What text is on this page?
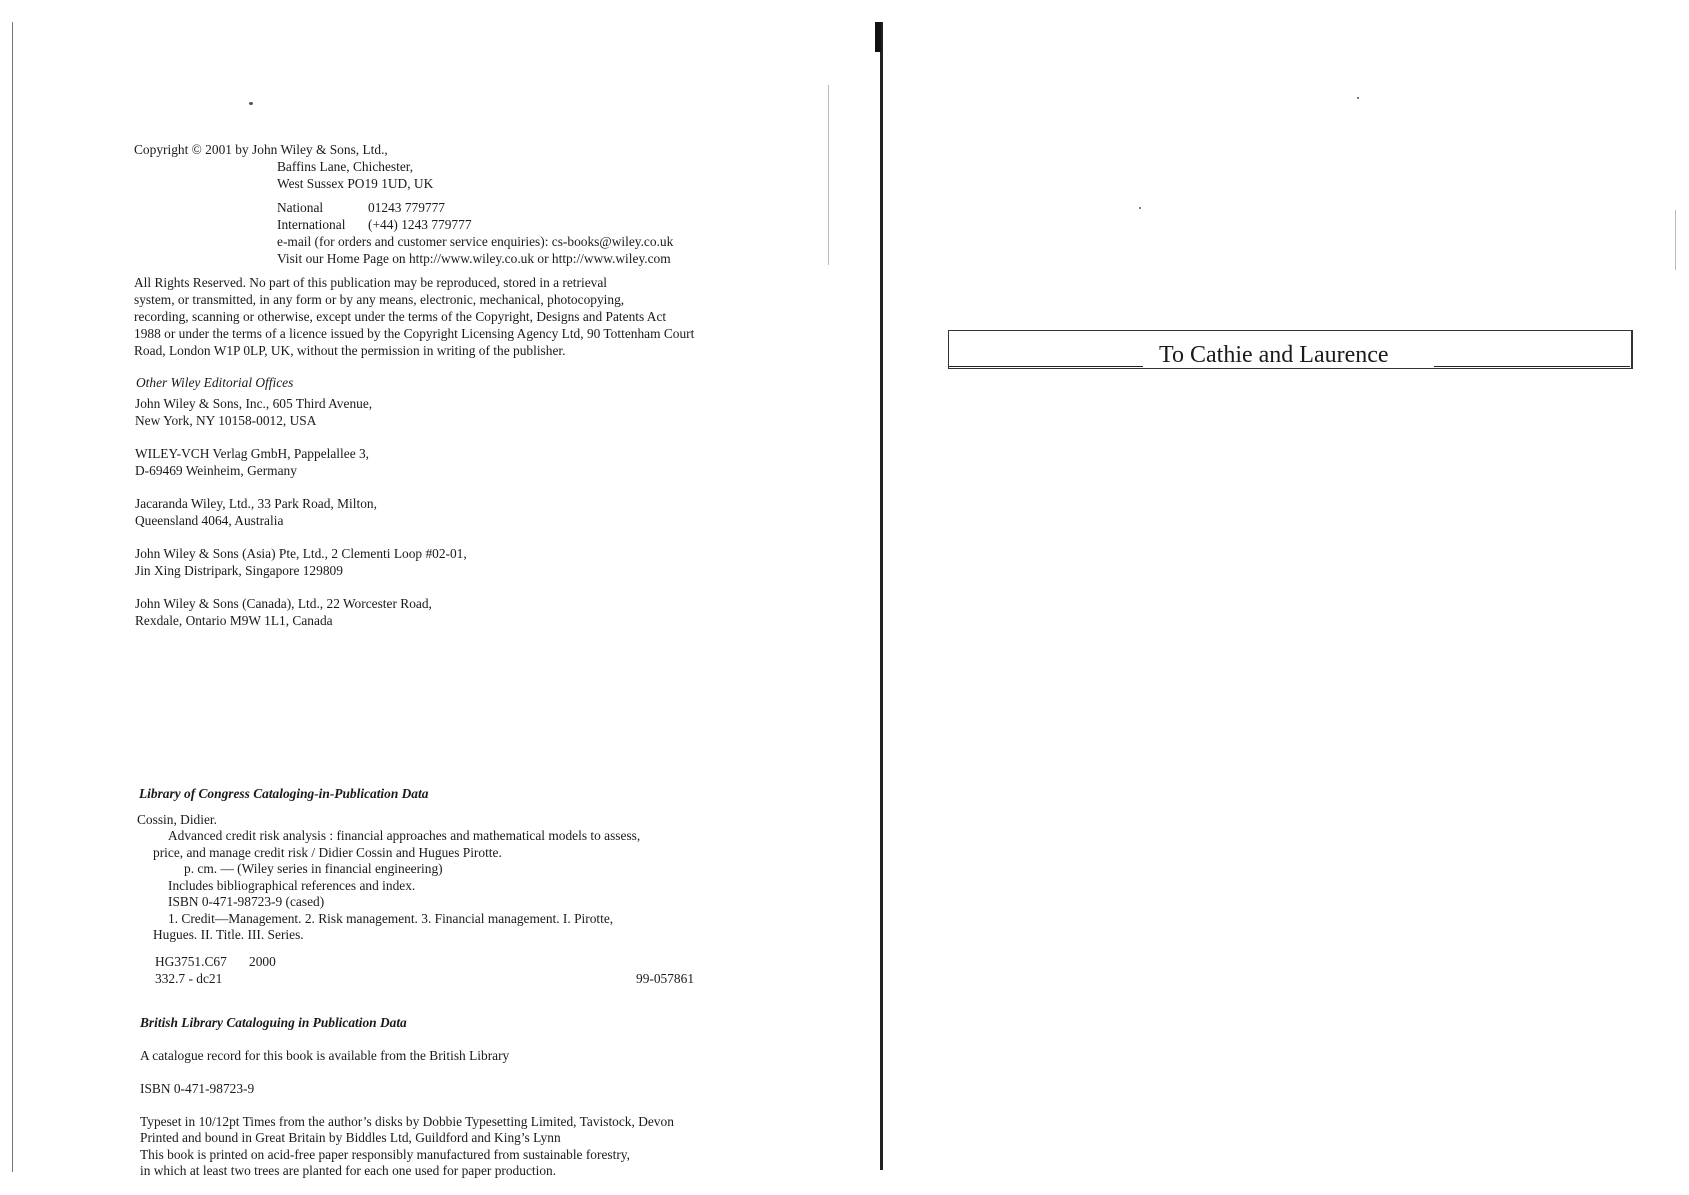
Copyright © 2001 by John Wiley & Sons, Ltd.,
Baffins Lane, Chichester,
West Sussex PO19 1UD, UK
National	01243 779777
International (+44) 1243 779777
e-mail (for orders and customer service enquiries): cs-books@wiley.co.uk
Visit our Home Page on http://www.wiley.co.uk or http://www.wiley.com
All Rights Reserved. No part of this publication may be reproduced, stored in a retrieval
system, or transmitted, in any form or by any means, electronic, mechanical, photocopying,
recording, scanning or otherwise, except under the terms of the Copyright, Designs and Patents Act
1988 or under the terms of a licence issued by the Copyright Licensing Agency Ltd, 90 Tottenham Court
Road, London W1P 0LP, UK, without the permission in writing of the publisher.
Other Wiley Editorial Offices
John Wiley & Sons, Inc., 605 Third Avenue,
New York, NY 10158-0012, USA
WILEY-VCH Verlag GmbH, Pappelallee 3,
D-69469 Weinheim, Germany
Jacaranda Wiley, Ltd., 33 Park Road, Milton,
Queensland 4064, Australia
John Wiley & Sons (Asia) Pte, Ltd., 2 Clementi Loop #02-01,
Jin Xing Distripark, Singapore 129809
John Wiley & Sons (Canada), Ltd., 22 Worcester Road,
Rexdale, Ontario M9W 1L1, Canada
Library of Congress Cataloging-in-Publication Data
Cossin, Didier.
Advanced credit risk analysis : financial approaches and mathematical models to assess,
price, and manage credit risk / Didier Cossin and Hugues Pirotte.
p. cm. — (Wiley series in financial engineering)
Includes bibliographical references and index.
ISBN 0-471-98723-9 (cased)
1. Credit—Management. 2. Risk management. 3. Financial management. I. Pirotte,
Hugues. II. Title. III. Series.
HG3751.C67 2000
332.7 - dc21	99-057861
British Library Cataloguing in Publication Data
A catalogue record for this book is available from the British Library
ISBN 0-471-98723-9
Typeset in 10/12pt Times from the author’s disks by Dobbie Typesetting Limited, Tavistock, Devon
Printed and bound in Great Britain by Biddles Ltd, Guildford and King’s Lynn
This book is printed on acid-free paper responsibly manufactured from sustainable forestry,
in which at least two trees are planted for each one used for paper production.
To Cathie and Laurence
